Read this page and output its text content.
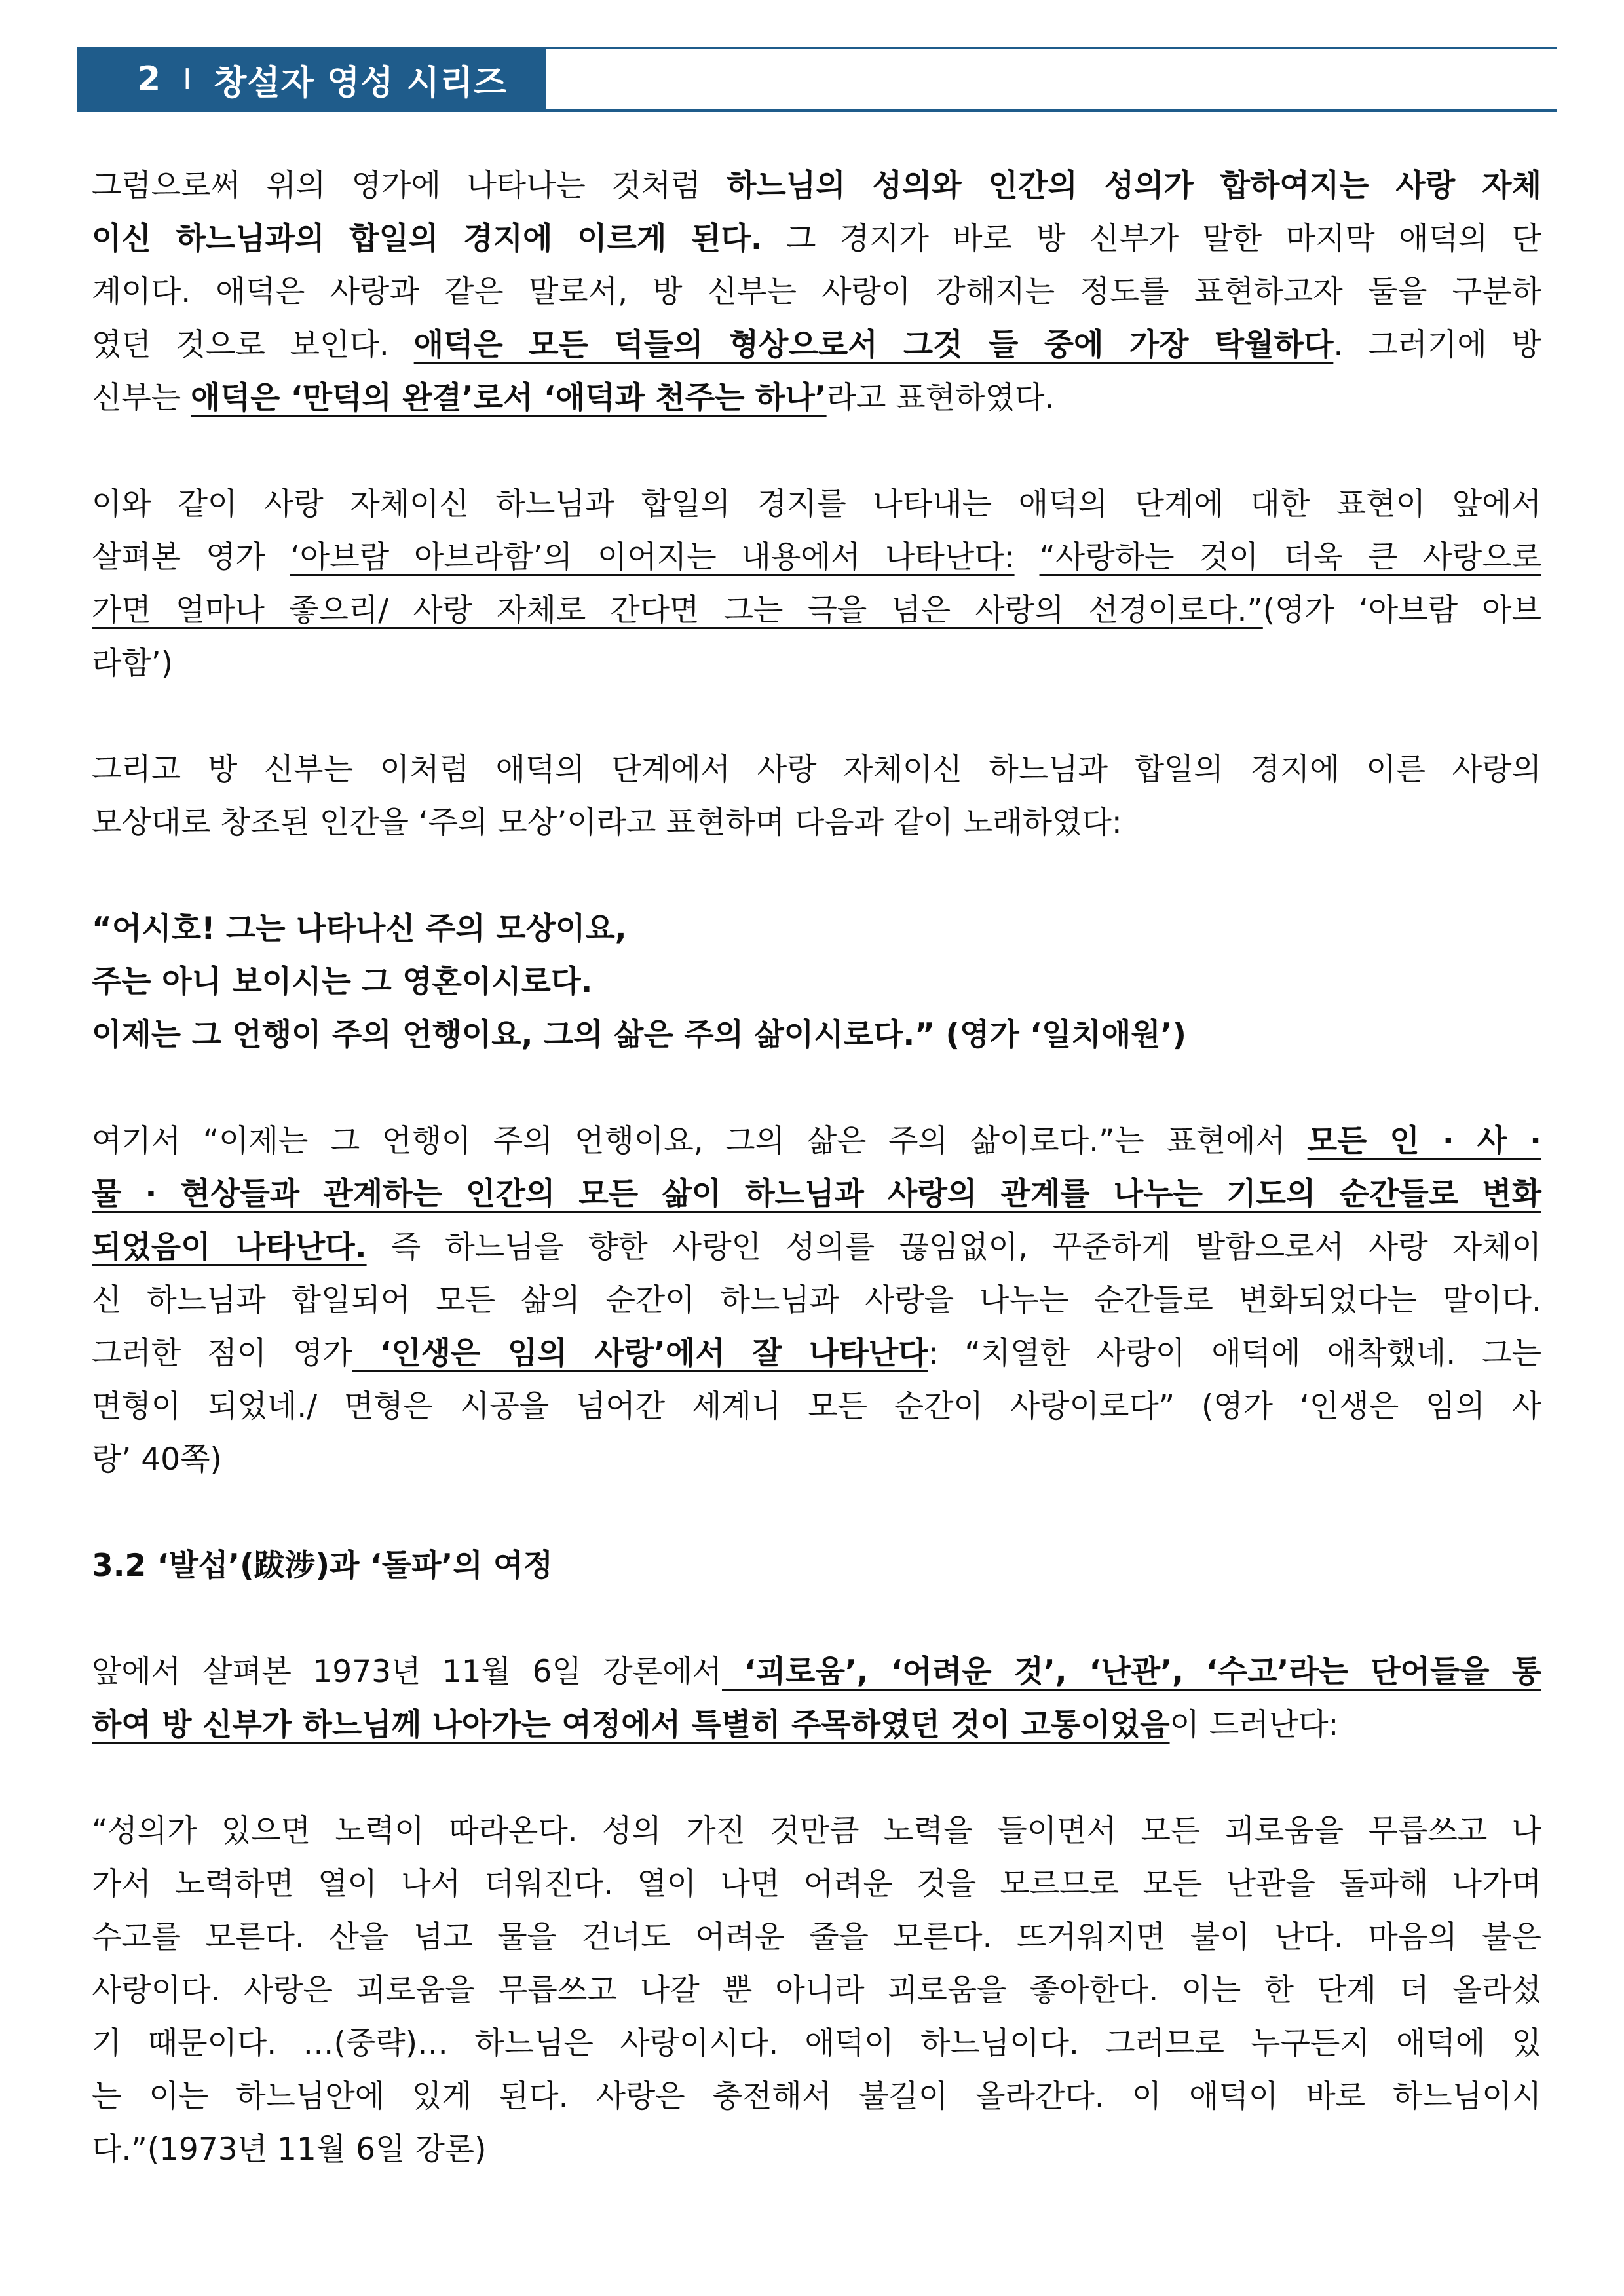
2 I 창설자 영성 시리즈
그럼으로써 위의 영가에 나타나는 것처럼 하느님의 성의와 인간의 성의가 합하여지는 사랑 자체
이신 하느님과의 합일의 경지에 이르게 된다. 그 경지가 바로 방 신부가 말한 마지막 애덕의 단
계이다. 애덕은 사랑과 같은 말로서, 방 신부는 사랑이 강해지는 정도를 표현하고자 둘을 구분하
였던 것으로 보인다. 애덕은 모든 덕들의 형상으로서 그것 들 중에 가장 탁월하다. 그러기에 방
신부는 애덕은 ‘만덕의 완결’로서 ‘애덕과 천주는 하나’라고 표현하였다.
이와 같이 사랑 자체이신 하느님과 합일의 경지를 나타내는 애덕의 단계에 대한 표현이 앞에서
살펴본 영가 ‘아브람 아브라함’의 이어지는 내용에서 나타난다: “사랑하는 것이 더욱 큰 사랑으로
가면 얼마나 좋으리/ 사랑 자체로 간다면 그는 극을 넘은 사랑의 선경이로다.”(영가 ‘아브람 아브
라함’)
그리고 방 신부는 이처럼 애덕의 단계에서 사랑 자체이신 하느님과 합일의 경지에 이른 사랑의
모상대로 창조된 인간을 ‘주의 모상’이라고 표현하며 다음과 같이 노래하였다:
“어시호! 그는 나타나신 주의 모상이요,
주는 아니 보이시는 그 영혼이시로다.
이제는 그 언행이 주의 언행이요, 그의 삶은 주의 삶이시로다.” (영가 ‘일치애원’)
여기서 “이제는 그 언행이 주의 언행이요, 그의 삶은 주의 삶이로다.”는 표현에서 모든 인 · 사 ·
물 · 현상들과 관계하는 인간의 모든 삶이 하느님과 사랑의 관계를 나누는 기도의 순간들로 변화
되었음이 나타난다. 즉 하느님을 향한 사랑인 성의를 끊임없이, 꾸준하게 발함으로서 사랑 자체이
신 하느님과 합일되어 모든 삶의 순간이 하느님과 사랑을 나누는 순간들로 변화되었다는 말이다.
그러한 점이 영가 ‘인생은 임의 사랑’에서 잘 나타난다: “치열한 사랑이 애덕에 애착했네. 그는
면형이 되었네./ 면형은 시공을 넘어간 세계니 모든 순간이 사랑이로다” (영가 ‘인생은 임의 사
랑’ 40쪽)
3.2 ‘발섭’(跋涉)과 ‘돌파’의 여정
앞에서 살펴본 1973년 11월 6일 강론에서 ‘괴로움’, ‘어려운 것’, ‘난관’, ‘수고’라는 단어들을 통
하여 방 신부가 하느님께 나아가는 여정에서 특별히 주목하였던 것이 고통이었음이 드러난다:
“성의가 있으면 노력이 따라온다. 성의 가진 것만큼 노력을 들이면서 모든 괴로움을 무릅쓰고 나
가서 노력하면 열이 나서 더워진다. 열이 나면 어려운 것을 모르므로 모든 난관을 돌파해 나가며
수고를 모른다. 산을 넘고 물을 건너도 어려운 줄을 모른다. 뜨거워지면 불이 난다. 마음의 불은
사랑이다. 사랑은 괴로움을 무릅쓰고 나갈 뿐 아니라 괴로움을 좋아한다. 이는 한 단계 더 올라섰
기 때문이다. …(중략)… 하느님은 사랑이시다. 애덕이 하느님이다. 그러므로 누구든지 애덕에 있
는 이는 하느님안에 있게 된다. 사랑은 충전해서 불길이 올라간다. 이 애덕이 바로 하느님이시
다.”(1973년 11월 6일 강론)
